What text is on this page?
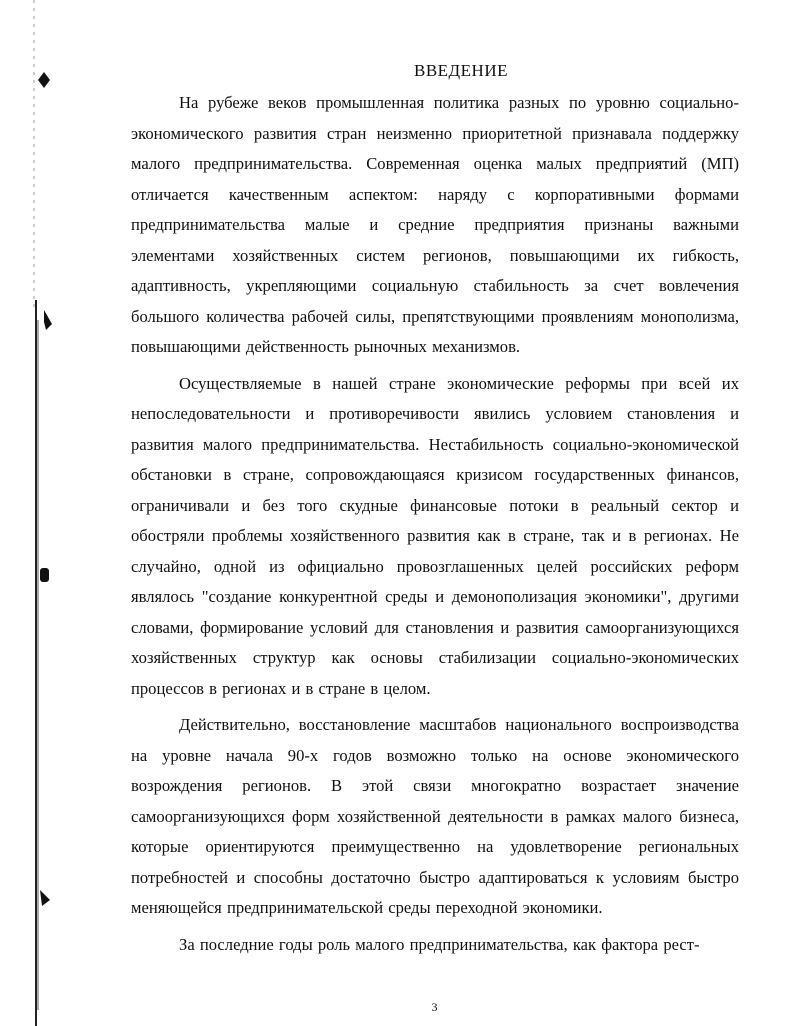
ВВЕДЕНИЕ

На рубеже веков промышленная политика разных по уровню социально-экономического развития стран неизменно приоритетной признавала поддержку малого предпринимательства. Современная оценка малых предприятий (МП) отличается качественным аспектом: наряду с корпоративными формами предпринимательства малые и средние предприятия признаны важными элементами хозяйственных систем регионов, повышающими их гибкость, адаптивность, укрепляющими социальную стабильность за счет вовлечения большого количества рабочей силы, препятствующими проявлениям монополизма, повышающими действенность рыночных механизмов.

Осуществляемые в нашей стране экономические реформы при всей их непоследовательности и противоречивости явились условием становления и развития малого предпринимательства. Нестабильность социально-экономической обстановки в стране, сопровождающаяся кризисом государственных финансов, ограничивали и без того скудные финансовые потоки в реальный сектор и обостряли проблемы хозяйственного развития как в стране, так и в регионах. Не случайно, одной из официально провозглашенных целей российских реформ являлось "создание конкурентной среды и демонополизация экономики", другими словами, формирование условий для становления и развития самоорганизующихся хозяйственных структур как основы стабилизации социально-экономических процессов в регионах и в стране в целом.

Действительно, восстановление масштабов национального воспроизводства на уровне начала 90-х годов возможно только на основе экономического возрождения регионов. В этой связи многократно возрастает значение самоорганизующихся форм хозяйственной деятельности в рамках малого бизнеса, которые ориентируются преимущественно на удовлетворение региональных потребностей и способны достаточно быстро адаптироваться к условиям быстро меняющейся предпринимательской среды переходной экономики.

За последние годы роль малого предпринимательства, как фактора рест-

3
